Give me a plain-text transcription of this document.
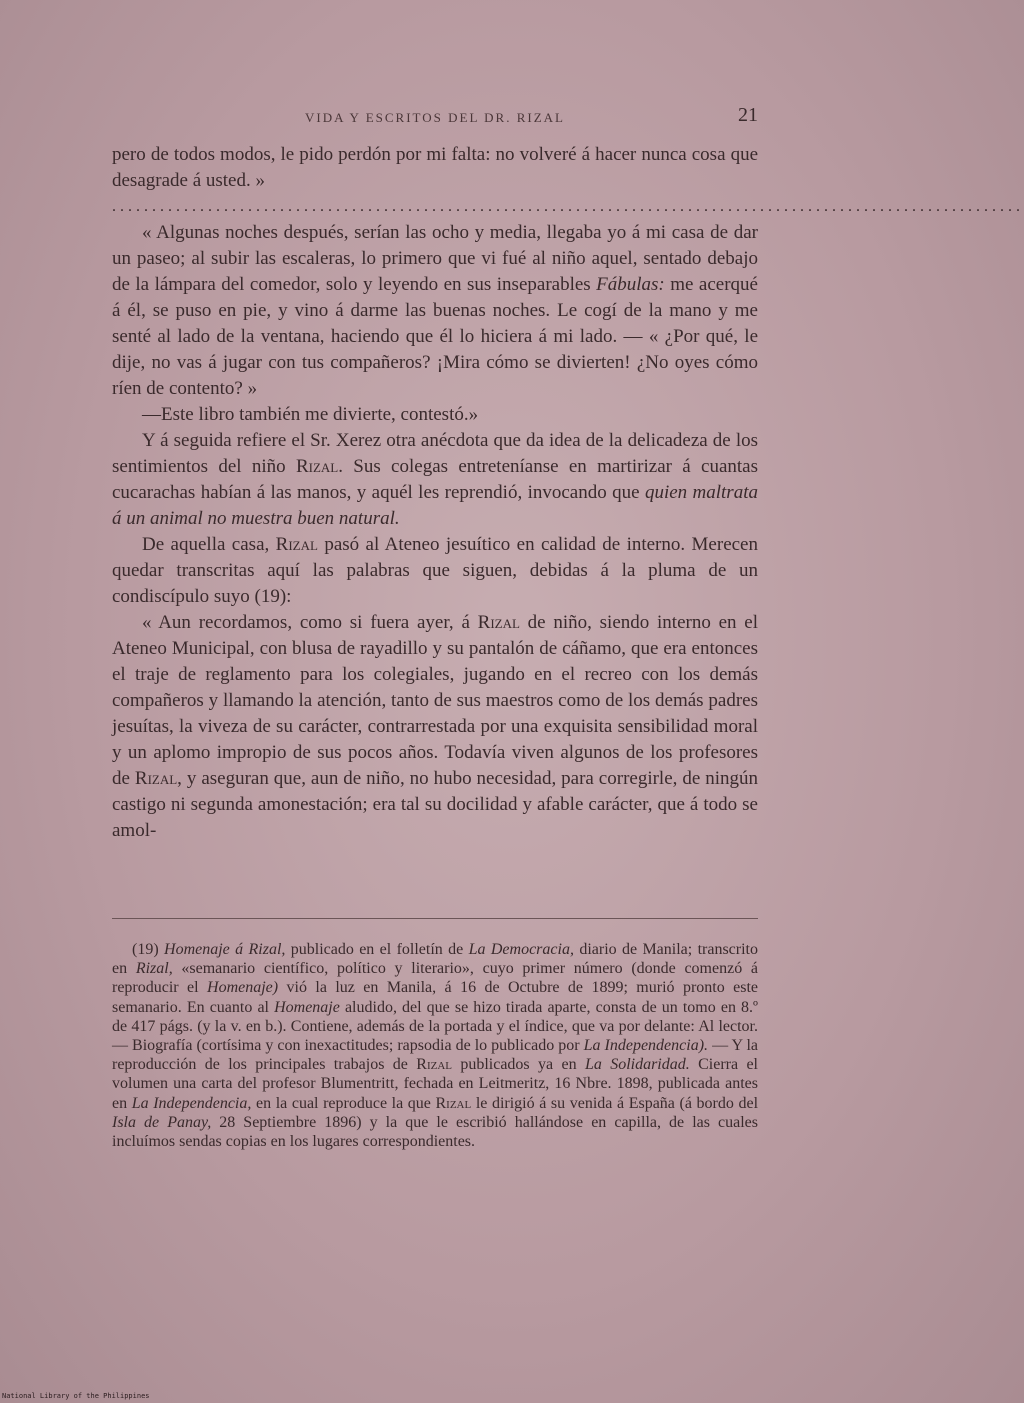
VIDA Y ESCRITOS DEL DR. RIZAL	21

pero de todos modos, le pido perdón por mi falta: no volveré á hacer nunca cosa que desagrade á usted. »

..................................................................................................................

« Algunas noches después, serían las ocho y media, llegaba yo á mi casa de dar un paseo; al subir las escaleras, lo primero que vi fué al niño aquel, sentado debajo de la lámpara del comedor, solo y leyendo en sus inseparables Fábulas: me acerqué á él, se puso en pie, y vino á darme las buenas noches. Le cogí de la mano y me senté al lado de la ventana, haciendo que él lo hiciera á mi lado. — « ¿Por qué, le dije, no vas á jugar con tus compañeros? ¡Mira cómo se divierten! ¿No oyes cómo ríen de contento? »

—Este libro también me divierte, contestó.»

Y á seguida refiere el Sr. Xerez otra anécdota que da idea de la delicadeza de los sentimientos del niño Rizal. Sus colegas entreteníanse en martirizar á cuantas cucarachas habían á las manos, y aquél les reprendió, invocando que quien maltrata á un animal no muestra buen natural.

De aquella casa, Rizal pasó al Ateneo jesuítico en calidad de interno. Merecen quedar transcritas aquí las palabras que siguen, debidas á la pluma de un condiscípulo suyo (19):

« Aun recordamos, como si fuera ayer, á Rizal de niño, siendo interno en el Ateneo Municipal, con blusa de rayadillo y su pantalón de cáñamo, que era entonces el traje de reglamento para los colegiales, jugando en el recreo con los demás compañeros y llamando la atención, tanto de sus maestros como de los demás padres jesuítas, la viveza de su carácter, contrarrestada por una exquisita sensibilidad moral y un aplomo impropio de sus pocos años. Todavía viven algunos de los profesores de Rizal, y aseguran que, aun de niño, no hubo necesidad, para corregirle, de ningún castigo ni segunda amonestación; era tal su docilidad y afable carácter, que á todo se amol-

(19) Homenaje á Rizal, publicado en el folletín de La Democracia, diario de Manila; transcrito en Rizal, «semanario científico, político y literario», cuyo primer número (donde comenzó á reproducir el Homenaje) vió la luz en Manila, á 16 de Octubre de 1899; murió pronto este semanario. En cuanto al Homenaje aludido, del que se hizo tirada aparte, consta de un tomo en 8.º de 417 págs. (y la v. en b.). Contiene, además de la portada y el índice, que va por delante: Al lector. — Biografía (cortísima y con inexactitudes; rapsodia de lo publicado por La Independencia). — Y la reproducción de los principales trabajos de Rizal publicados ya en La Solidaridad. Cierra el volumen una carta del profesor Blumentritt, fechada en Leitmeritz, 16 Nbre. 1898, publicada antes en La Independencia, en la cual reproduce la que Rizal le dirigió á su venida á España (á bordo del Isla de Panay, 28 Septiembre 1896) y la que le escribió hallándose en capilla, de las cuales incluímos sendas copias en los lugares correspondientes.

National Library of the Philippines
